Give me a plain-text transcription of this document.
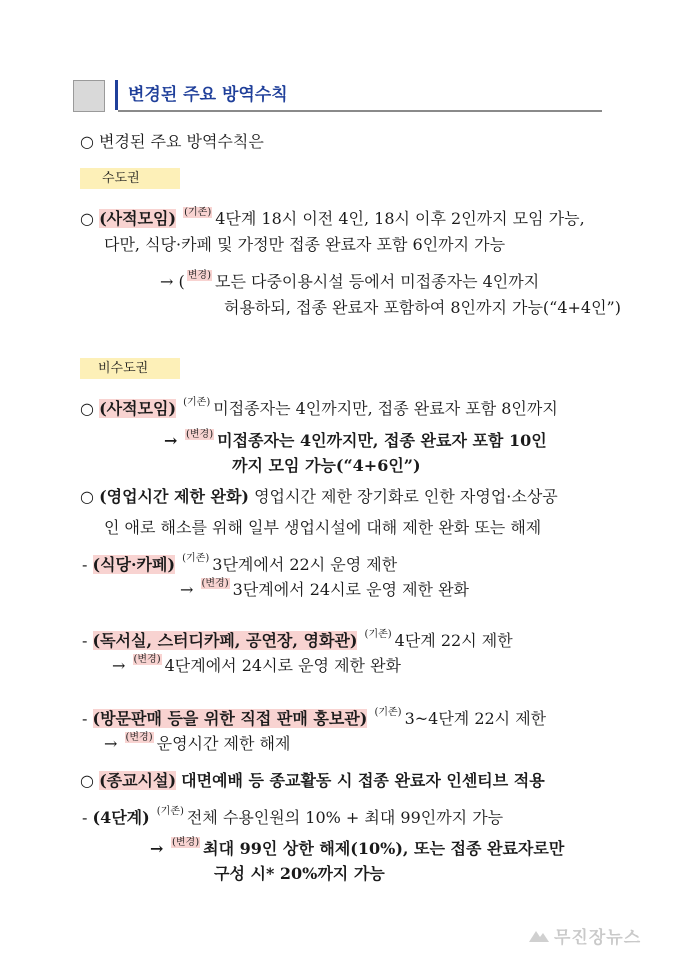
변경된 주요 방역수칙
○ 변경된 주요 방역수칙은
수도권
○ (사적모임) $^{(기존)}$ 4단계 18시 이전 4인, 18시 이후 2인까지 모임 가능,
다만, 식당·카페 및 가정만 접종 완료자 포함 6인까지 가능
→ ( $^{변경)}$ 모든 다중이용시설 등에서 미접종자는 4인까지
허용하되, 접종 완료자 포함하여 8인까지 가능(“4+4인”)
비수도권
○ (사적모임) $^{(기존)}$ 미접종자는 4인까지만, 접종 완료자 포함 8인까지
→ $^{(변경)}$ 미접종자는 4인까지만, 접종 완료자 포함 10인
까지 모임 가능(“4+6인”)
○ (영업시간 제한 완화) 영업시간 제한 장기화로 인한 자영업·소상공
인 애로 해소를 위해 일부 생업시설에 대해 제한 완화 또는 해제
- (식당·카페) $^{(기존)}$ 3단계에서 22시 운영 제한
→ $^{(변경)}$ 3단계에서 24시로 운영 제한 완화
- (독서실, 스터디카페, 공연장, 영화관) $^{(기존)}$ 4단계 22시 제한
→ $^{(변경)}$ 4단계에서 24시로 운영 제한 완화
- (방문판매 등을 위한 직접 판매 홍보관) $^{(기존)}$ 3~4단계 22시 제한
→ $^{(변경)}$ 운영시간 제한 해제
○ (종교시설) 대면예배 등 종교활동 시 접종 완료자 인센티브 적용
- (4단계) $^{(기존)}$ 전체 수용인원의 10% + 최대 99인까지 가능
→ $^{(변경)}$ 최대 99인 상한 해제(10%), 또는 접종 완료자로만
구성 시* 20%까지 가능
무진장뉴스
